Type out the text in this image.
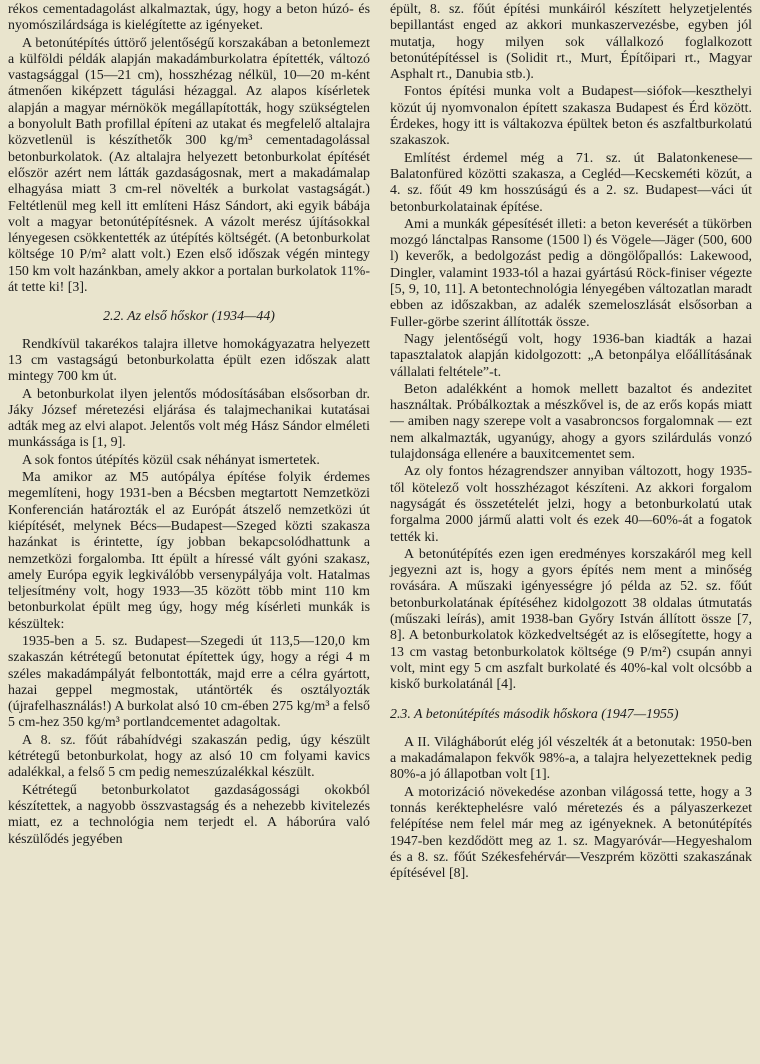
rékos cementadagolást alkalmaztak, úgy, hogy a beton húzó- és nyomószilárdsága is kielégítette az igényeket.

A betonútépítés úttörő jelentőségű korszakában a betonlemezt a külföldi példák alapján makadámburkolatra építették, változó vastagsággal (15—21 cm), hosszhézag nélkül, 10—20 m-ként átmenően kiképzett tágulási hézaggal. Az alapos kísérletek alapján a magyar mérnökök megállapították, hogy szükségtelen a bonyolult Bath profillal építeni az utakat és megfelelő altalajra közvetlenül is készíthetők 300 kg/m³ cementadagolással betonburkolatok. (Az altalajra helyezett betonburkolat építését először azért nem látták gazdaságosnak, mert a makadámalap elhagyása miatt 3 cm-rel növelték a burkolat vastagságát.) Feltétlenül meg kell itt említeni Hász Sándort, aki egyik bábája volt a magyar betonútépítésnek. A vázolt merész újításokkal lényegesen csökkentették az útépítés költségét. (A betonburkolat költsége 10 P/m² alatt volt.) Ezen első időszak végén mintegy 150 km volt hazánkban, amely akkor a portalan burkolatok 11%-át tette ki! [3].

2.2. Az első hőskor (1934—44)

Rendkívül takarékos talajra illetve homokágyazatra helyezett 13 cm vastagságú betonburkolatta épült ezen időszak alatt mintegy 700 km út.

A betonburkolat ilyen jelentős módosításában elsősorban dr. Jáky József méretezési eljárása és talajmechanikai kutatásai adták meg az elvi alapot. Jelentős volt még Hász Sándor elméleti munkássága is [1, 9].

A sok fontos útépítés közül csak néhányat ismertetek.

Ma amikor az M5 autópálya építése folyik érdemes megemlíteni, hogy 1931-ben a Bécsben megtartott Nemzetközi Konferencián határozták el az Európát átszelő nemzetközi út kiépítését, melynek Bécs—Budapest—Szeged közti szakasza hazánkat is érintette, így jobban bekapcsolódhattunk a nemzetközi forgalomba. Itt épült a híressé vált gyóni szakasz, amely Európa egyik legkiválóbb versenypályája volt. Hatalmas teljesítmény volt, hogy 1933—35 között több mint 110 km betonburkolat épült meg úgy, hogy még kísérleti munkák is készültek:

1935-ben a 5. sz. Budapest—Szegedi út 113,5—120,0 km szakaszán kétrétegű betonutat építettek úgy, hogy a régi 4 m széles makadámpályát felbontották, majd erre a célra gyártott, hazai geppel megmostak, utántörték és osztályozták (újrafelhasználás!) A burkolat alsó 10 cm-ében 275 kg/m³ a felső 5 cm-hez 350 kg/m³ portlandcementet adagoltak.

A 8. sz. főút rábahídvégi szakaszán pedig, úgy készült kétrétegű betonburkolat, hogy az alsó 10 cm folyami kavics adalékkal, a felső 5 cm pedig nemeszúzalékkal készült.

Kétrétegű betonburkolatot gazdaságossági okokból készítettek, a nagyobb összvastagság és a nehezebb kivitelezés miatt, ez a technológia nem terjedt el. A háborúra való készülődés jegyében

épült, 8. sz. főút építési munkáiról készített helyzetjelentés bepillantást enged az akkori munkaszervezésbe, egyben jól mutatja, hogy milyen sok vállalkozó foglalkozott betonútépítéssel is (Solidit rt., Murt, Építőipari rt., Magyar Asphalt rt., Danubia stb.).

Fontos építési munka volt a Budapest—siófok—keszthelyi közút új nyomvonalon épített szakasza Budapest és Érd között. Érdekes, hogy itt is váltakozva épültek beton és aszfaltburkolatú szakaszok.

Említést érdemel még a 71. sz. út Balatonkenese—Balatonfüred közötti szakasza, a Cegléd—Kecskeméti közút, a 4. sz. főút 49 km hosszúságú és a 2. sz. Budapest—váci út betonburkolatainak építése.

Ami a munkák gépesítését illeti: a beton keverését a tükörben mozgó lánctalpas Ransome (1500 l) és Vögele—Jäger (500, 600 l) keverők, a bedolgozást pedig a döngölőpallós: Lakewood, Dingler, valamint 1933-tól a hazai gyártású Röck-finiser végezte [5, 9, 10, 11]. A betontechnológia lényegében változatlan maradt ebben az időszakban, az adalék szemeloszlását elsősorban a Fuller-görbe szerint állították össze.

Nagy jelentőségű volt, hogy 1936-ban kiadták a hazai tapasztalatok alapján kidolgozott: „A betonpálya előállításának vállalati feltétele”-t.

Beton adalékként a homok mellett bazaltot és andezitet használtak. Próbálkoztak a mészkővel is, de az erős kopás miatt — amiben nagy szerepe volt a vasabroncsos forgalomnak — ezt nem alkalmazták, ugyanúgy, ahogy a gyors szilárdulás vonzó tulajdonsága ellenére a bauxitcementet sem.

Az oly fontos hézagrendszer annyiban változott, hogy 1935-től kötelező volt hosszhézagot készíteni. Az akkori forgalom nagyságát és összetételét jelzi, hogy a betonburkolatú utak forgalma 2000 jármű alatti volt és ezek 40—60%-át a fogatok tették ki.

A betonútépítés ezen igen eredményes korszakáról meg kell jegyezni azt is, hogy a gyors építés nem ment a minőség rovására. A műszaki igényességre jó példa az 52. sz. főút betonburkolatának építéséhez kidolgozott 38 oldalas útmutatás (műszaki leírás), amit 1938-ban Győry István állított össze [7, 8]. A betonburkolatok közkedveltségét az is elősegítette, hogy a 13 cm vastag betonburkolatok költsége (9 P/m²) csupán annyi volt, mint egy 5 cm aszfalt burkolaté és 40%-kal volt olcsóbb a kiskő burkolatánál [4].

2.3. A betonútépítés második hőskora (1947—1955)

A II. Világháborút elég jól vészelték át a betonutak: 1950-ben a makadámalapon fekvők 98%-a, a talajra helyezetteknek pedig 80%-a jó állapotban volt [1].

A motorizáció növekedése azonban világossá tette, hogy a 3 tonnás keréktерhelésre való méretezés és a pályaszerkezet felépítése nem felel már meg az igényeknek. A betonútépítés 1947-ben kezdődött meg az 1. sz. Magyaróvár—Hegyeshalom és a 8. sz. főút Székesfehérvár—Veszprém közötti szakaszának építésével [8].
